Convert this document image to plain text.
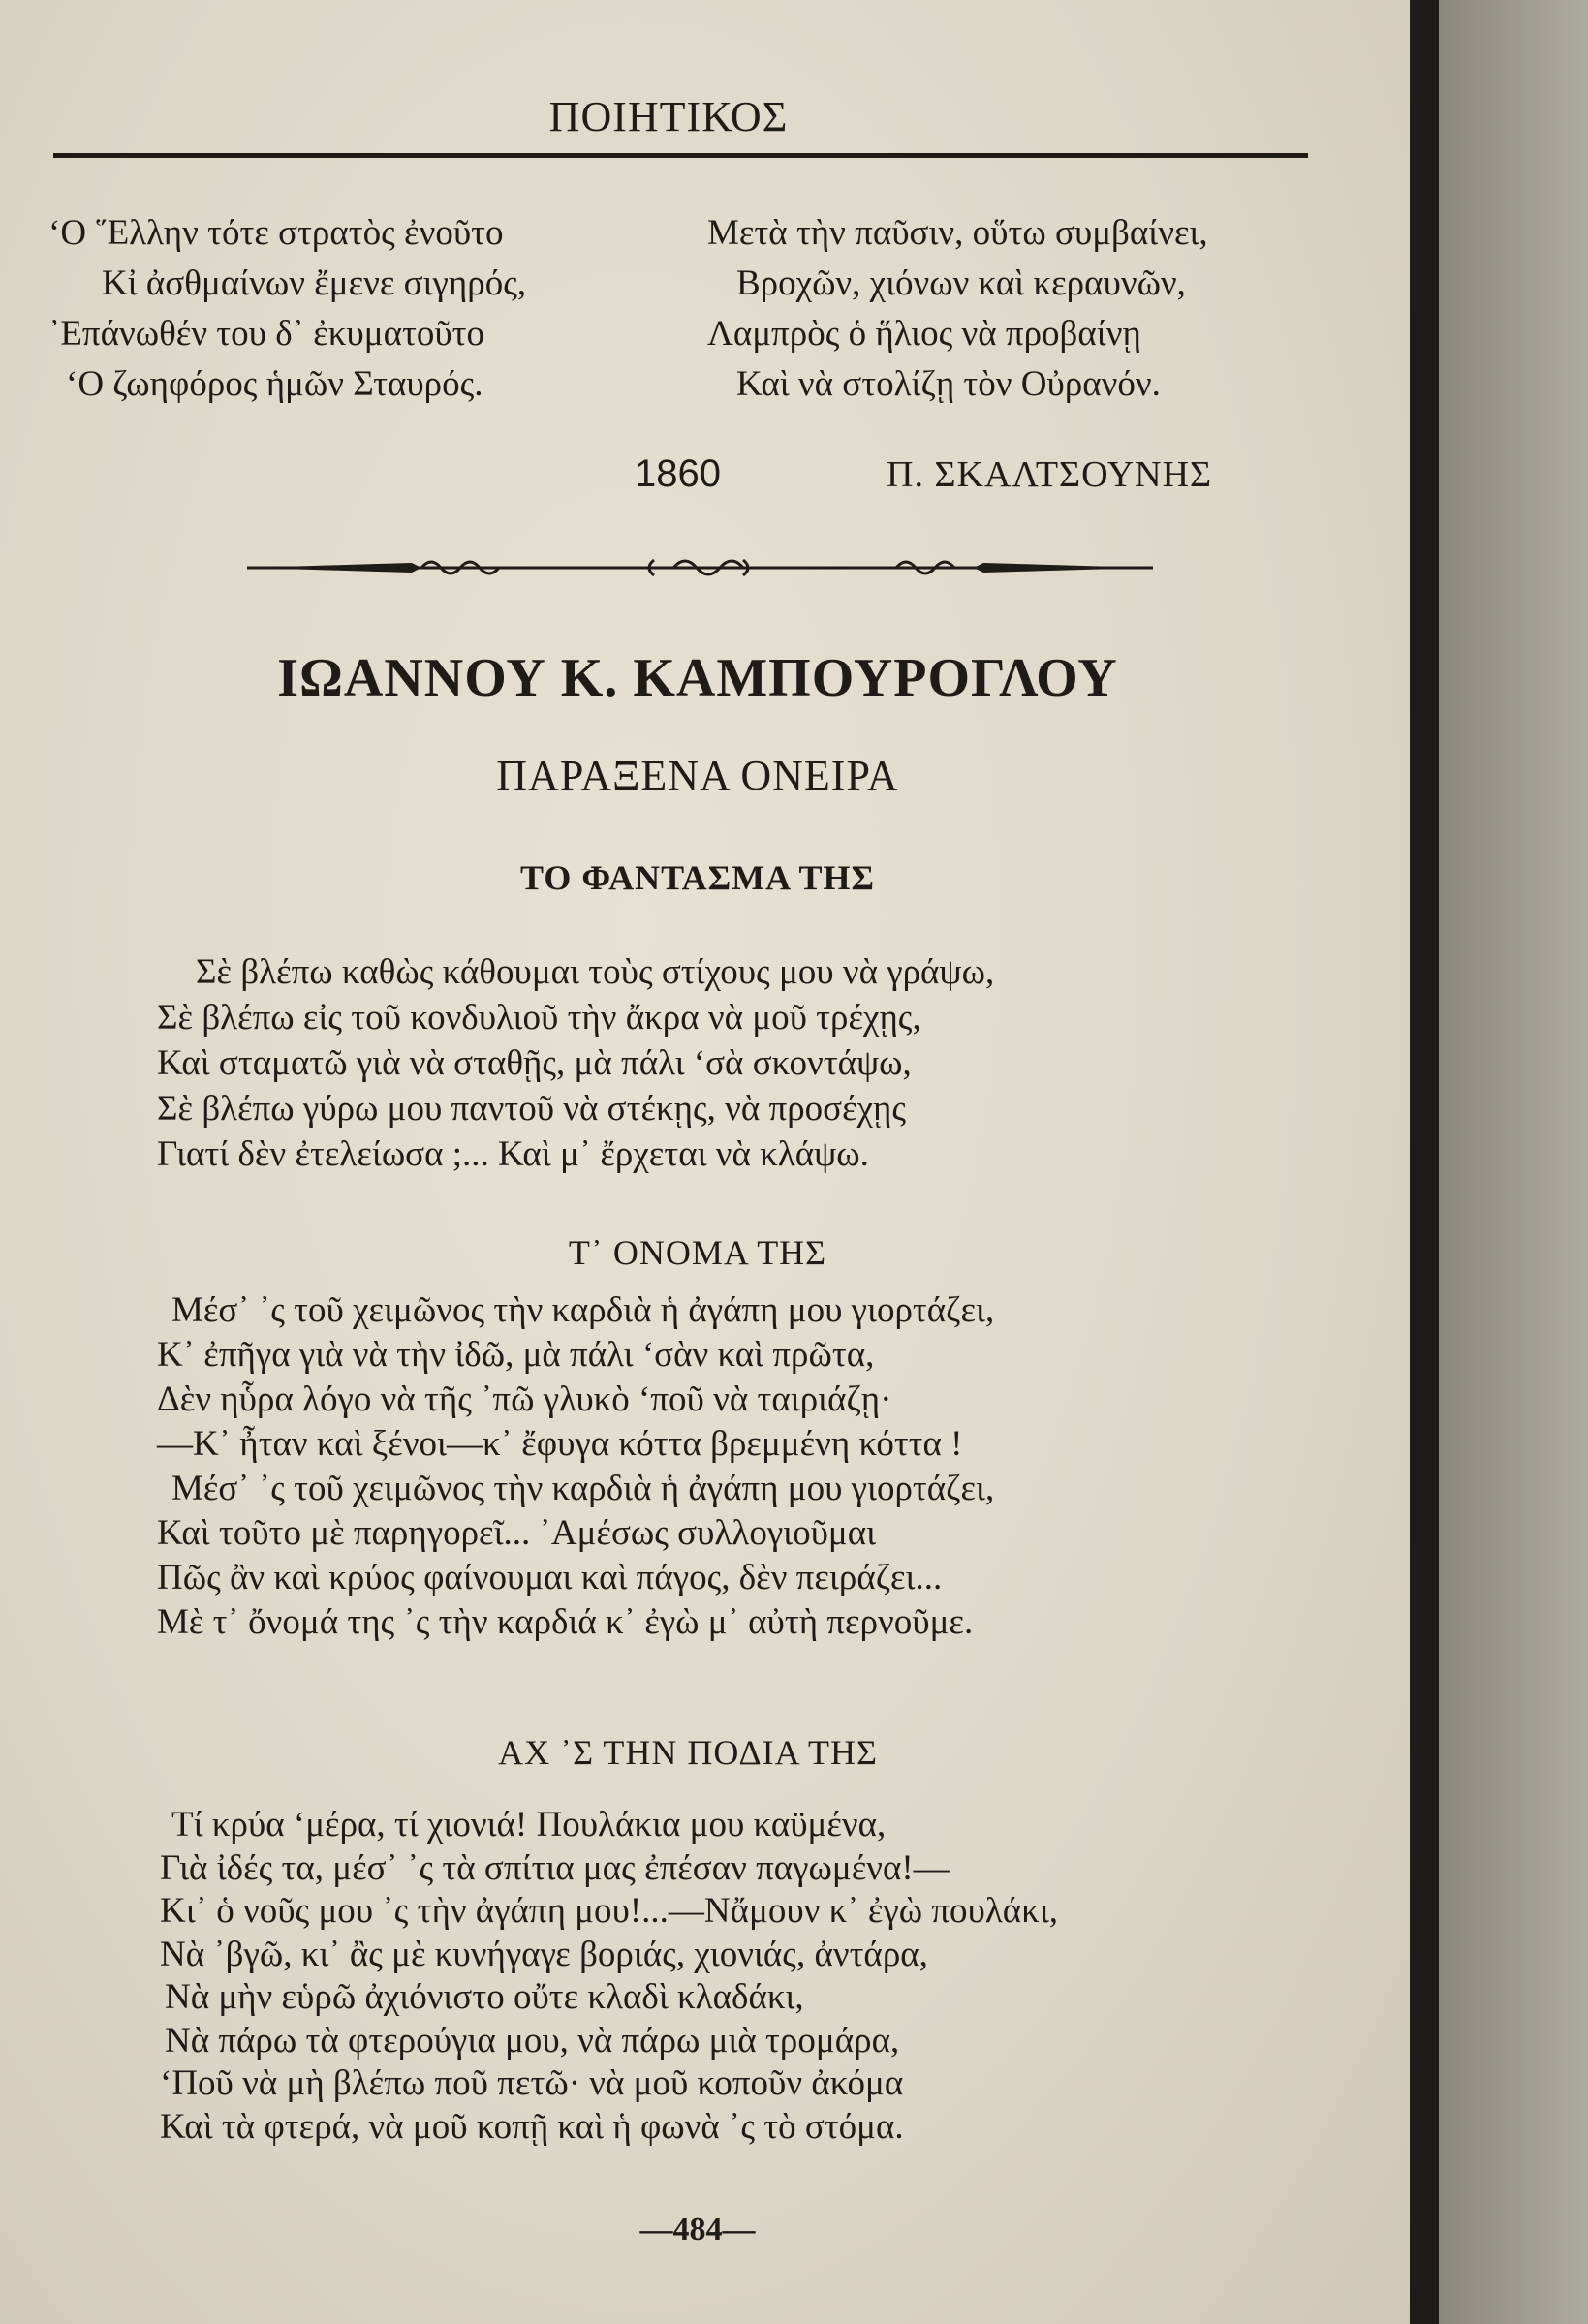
ΠΟΙΗΤΙΚΟΣ
‘Ο ῞Ελλην τότε στρατὸς ἐνοῦτο
Κἰ ἀσθμαίνων ἔμενε σιγηρός,
᾿Επάνωθέν του δ᾿ ἐκυματοῦτο
‘Ο ζωηφόρος ἡμῶν Σταυρός.
Μετὰ τὴν παῦσιν, οὕτω συμβαίνει,
Βροχῶν, χιόνων καὶ κεραυνῶν,
Λαμπρὸς ὁ ἥλιος νὰ προβαίνῃ
Καὶ νὰ στολίζῃ τὸν Οὐρανόν.
1860	Π. ΣΚΑΛΤΣΟΥΝΗΣ
ΙΩΑΝΝΟΥ Κ. ΚΑΜΠΟΥΡΟΓΛΟΥ
ΠΑΡΑΞΕΝΑ ΟΝΕΙΡΑ
ΤΟ ΦΑΝΤΑΣΜΑ ΤΗΣ
Σὲ βλέπω καθὼς κάθουμαι τοὺς στίχους μου νὰ γράψω,
Σὲ βλέπω εἰς τοῦ κονδυλιοῦ τὴν ἄκρα νὰ μοῦ τρέχῃς,
Καὶ σταματῶ γιὰ νὰ σταθῇς, μὰ πάλι ‘σὰ σκοντάψω,
Σὲ βλέπω γύρω μου παντοῦ νὰ στέκῃς, νὰ προσέχῃς
Γιατί δὲν ἐτελείωσα ;... Καὶ μ᾿ ἔρχεται νὰ κλάψω.
Τ᾿ ΟΝΟΜΑ ΤΗΣ
Μέσ᾿ ᾿ς τοῦ χειμῶνος τὴν καρδιὰ ἡ ἀγάπη μου γιορτάζει,
Κ᾿ ἐπῆγα γιὰ νὰ τὴν ἰδῶ, μὰ πάλι ‘σὰν καὶ πρῶτα,
Δὲν ηὗρα λόγο νὰ τῆς ᾿πῶ γλυκὸ ‘ποῦ νὰ ταιριάζῃ·
—Κ᾿ ἦταν καὶ ξένοι—κ᾿ ἔφυγα κόττα βρεμμένη κόττα !
Μέσ᾿ ᾿ς τοῦ χειμῶνος τὴν καρδιὰ ἡ ἀγάπη μου γιορτάζει,
Καὶ τοῦτο μὲ παρηγορεῖ... ᾿Αμέσως συλλογιοῦμαι
Πῶς ἂν καὶ κρύος φαίνουμαι καὶ πάγος, δὲν πειράζει...
Μὲ τ᾿ ὄνομά της ᾿ς τὴν καρδιά κ᾿ ἐγὼ μ᾿ αὐτὴ περνοῦμε.
ΑΧ ᾿Σ ΤΗΝ ΠΟΔΙΑ ΤΗΣ
Τί κρύα ‘μέρα, τί χιονιά! Πουλάκια μου καϋμένα,
Γιὰ ἰδές τα, μέσ᾿ ᾿ς τὰ σπίτια μας ἐπέσαν παγωμένα!—
Κι᾿ ὁ νοῦς μου ᾿ς τὴν ἀγάπη μου!...—Νἄμουν κ᾿ ἐγὼ πουλάκι,
Νὰ ᾿βγῶ, κι᾿ ἂς μὲ κυνήγαγε βοριάς, χιονιάς, ἀντάρα,
Νὰ μὴν εὑρῶ ἀχιόνιστο οὔτε κλαδὶ κλαδάκι,
Νὰ πάρω τὰ φτερούγια μου, νὰ πάρω μιὰ τρομάρα,
‘Ποῦ νὰ μὴ βλέπω ποῦ πετῶ· νὰ μοῦ κοποῦν ἀκόμα
Καὶ τὰ φτερά, νὰ μοῦ κοπῇ καὶ ἡ φωνὰ ᾿ς τὸ στόμα.
—484—
